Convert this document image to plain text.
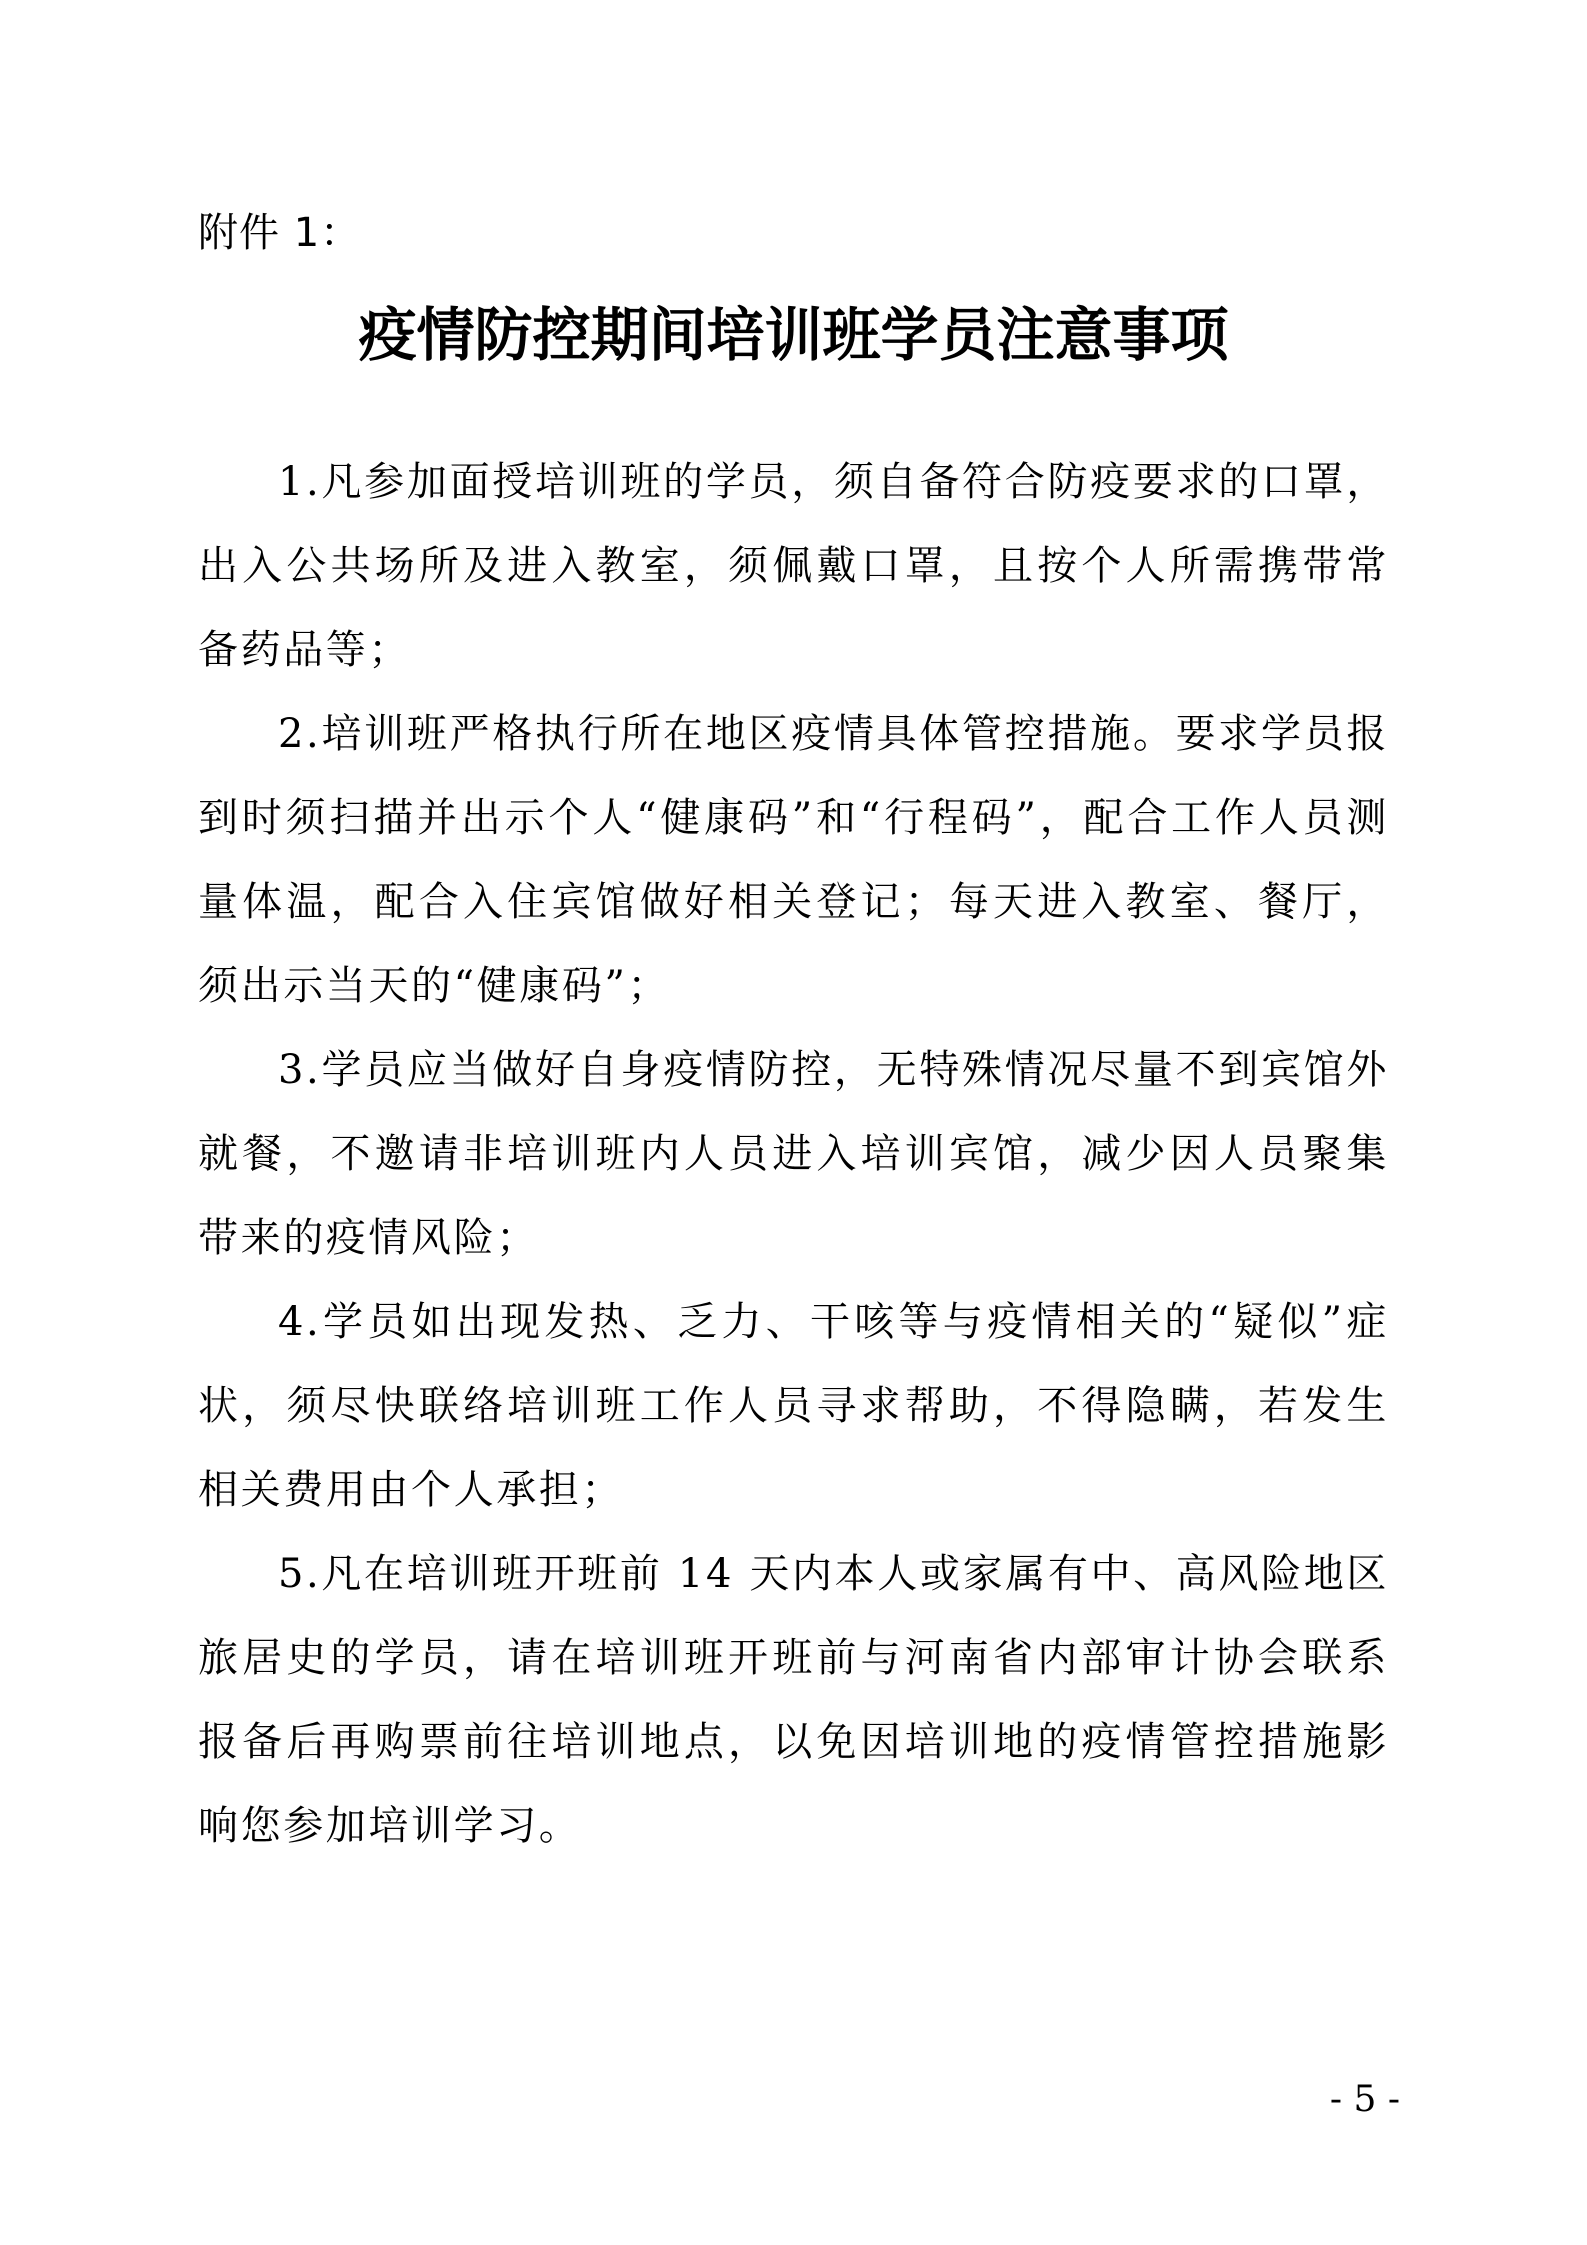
附件 1：
疫情防控期间培训班学员注意事项

1.凡参加面授培训班的学员，须自备符合防疫要求的口罩，出入公共场所及进入教室，须佩戴口罩，且按个人所需携带常备药品等；

2.培训班严格执行所在地区疫情具体管控措施。要求学员报到时须扫描并出示个人“健康码”和“行程码”，配合工作人员测量体温，配合入住宾馆做好相关登记；每天进入教室、餐厅，须出示当天的“健康码”；

3.学员应当做好自身疫情防控，无特殊情况尽量不到宾馆外就餐，不邀请非培训班内人员进入培训宾馆，减少因人员聚集带来的疫情风险；

4.学员如出现发热、乏力、干咳等与疫情相关的“疑似”症状，须尽快联络培训班工作人员寻求帮助，不得隐瞒，若发生相关费用由个人承担；

5.凡在培训班开班前 14 天内本人或家属有中、高风险地区旅居史的学员，请在培训班开班前与河南省内部审计协会联系报备后再购票前往培训地点，以免因培训地的疫情管控措施影响您参加培训学习。

- 5 -
